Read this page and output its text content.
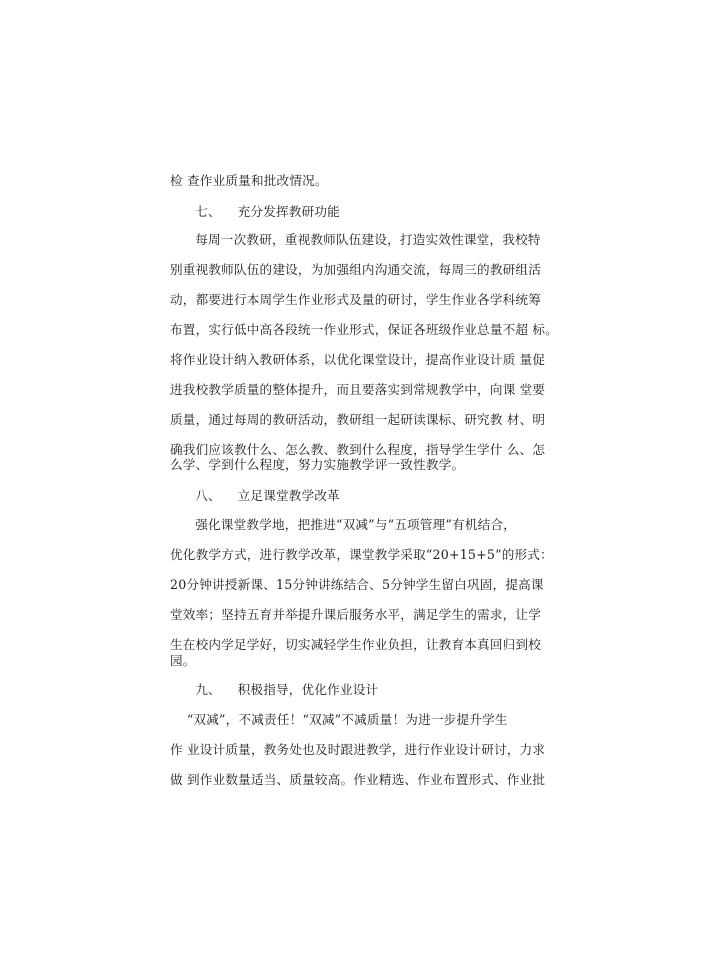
检 查作业质量和批改情况。
七、    充分发挥教研功能
每周一次教研，重视教师队伍建设，打造实效性课堂，我校特
别重视教师队伍的建设，为加强组内沟通交流，每周三的教研组活
动，都要进行本周学生作业形式及量的研讨，学生作业各学科统筹
布置，实行低中高各段统一作业形式，保证各班级作业总量不超 标。
将作业设计纳入教研体系，以优化课堂设计，提高作业设计质 量促
进我校教学质量的整体提升，而且要落实到常规教学中，向课 堂要
质量，通过每周的教研活动，教研组一起研读课标、研究教 材、明
确我们应该教什么、怎么教、教到什么程度，指导学生学什 么、怎
么学、学到什么程度，努力实施教学评一致性教学。
八、    立足课堂教学改革
强化课堂教学地，把推进“双减”与“五项管理”有机结合，
优化教学方式，进行教学改革，课堂教学采取“20+15+5”的形式：
20分钟讲授新课、15分钟讲练结合、5分钟学生留白巩固，提高课
堂效率；坚持五育并举提升课后服务水平，满足学生的需求，让学
生在校内学足学好，切实减轻学生作业负担，让教育本真回归到校
园。
九、    积极指导，优化作业设计
“双减”，不减责任！“双减”不减质量！为进一步提升学生
作 业设计质量，教务处也及时跟进教学，进行作业设计研讨，力求
做 到作业数量适当、质量较高。作业精选、作业布置形式、作业批
